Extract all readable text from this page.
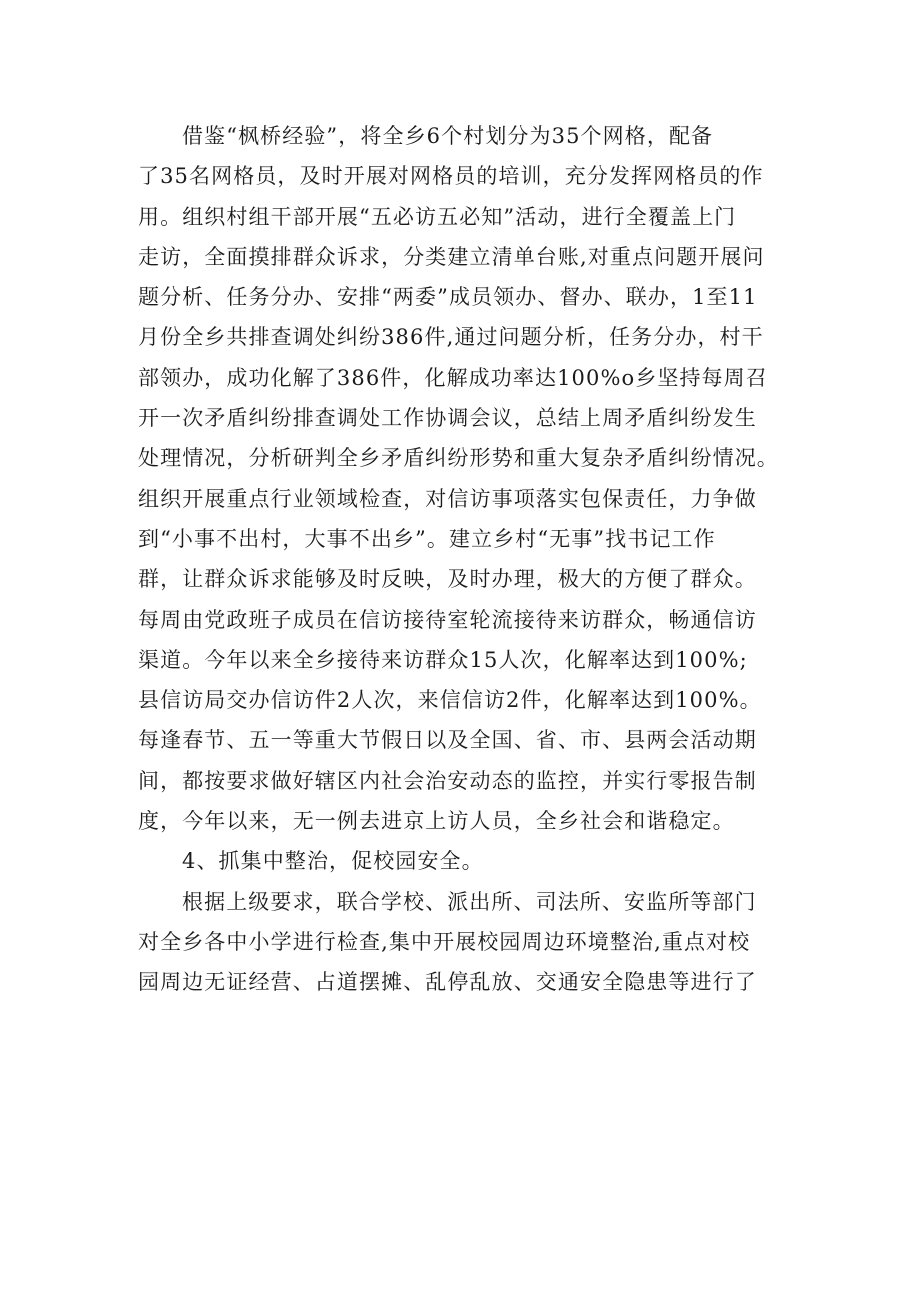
借鉴“枫桥经验”，将全乡6个村划分为35个网格，配备
了35名网格员，及时开展对网格员的培训，充分发挥网格员的作
用。组织村组干部开展“五必访五必知”活动，进行全覆盖上门
走访，全面摸排群众诉求，分类建立清单台账,对重点问题开展问
题分析、任务分办、安排“两委”成员领办、督办、联办，1至11
月份全乡共排查调处纠纷386件,通过问题分析，任务分办，村干
部领办，成功化解了386件，化解成功率达100%o乡坚持每周召
开一次矛盾纠纷排查调处工作协调会议，总结上周矛盾纠纷发生
处理情况，分析研判全乡矛盾纠纷形势和重大复杂矛盾纠纷情况。
组织开展重点行业领域检查，对信访事项落实包保责任，力争做
到“小事不出村，大事不出乡”。建立乡村“无事”找书记工作
群，让群众诉求能够及时反映，及时办理，极大的方便了群众。
每周由党政班子成员在信访接待室轮流接待来访群众，畅通信访
渠道。今年以来全乡接待来访群众15人次，化解率达到100%;
县信访局交办信访件2人次，来信信访2件，化解率达到100%。
每逢春节、五一等重大节假日以及全国、省、市、县两会活动期
间，都按要求做好辖区内社会治安动态的监控，并实行零报告制
度，今年以来，无一例去进京上访人员，全乡社会和谐稳定。
4、抓集中整治，促校园安全。
根据上级要求，联合学校、派出所、司法所、安监所等部门
对全乡各中小学进行检查,集中开展校园周边环境整治,重点对校
园周边无证经营、占道摆摊、乱停乱放、交通安全隐患等进行了
